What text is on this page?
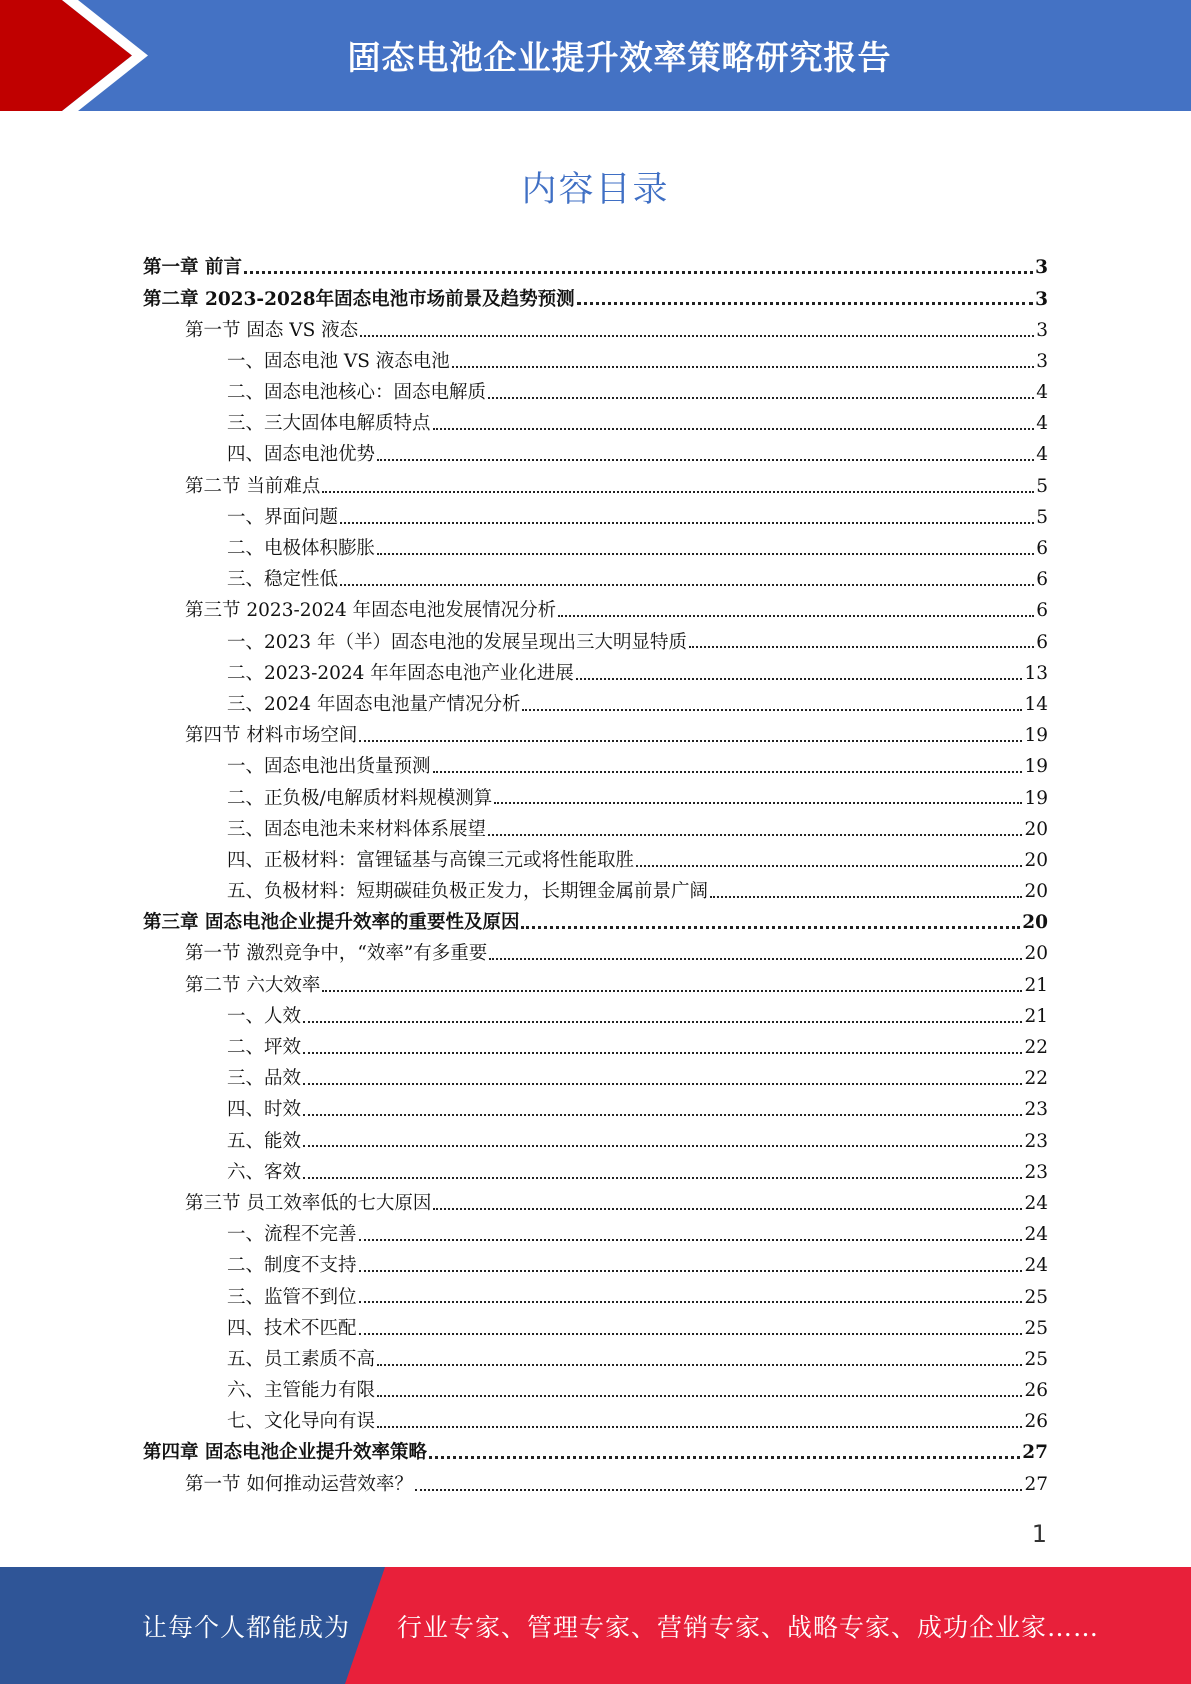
固态电池企业提升效率策略研究报告
内容目录
第一章 前言	3
第二章 2023-2028年固态电池市场前景及趋势预测	3
第一节 固态 VS 液态	3
一、固态电池 VS 液态电池	3
二、固态电池核心：固态电解质	4
三、三大固体电解质特点	4
四、固态电池优势	4
第二节 当前难点	5
一、界面问题	5
二、电极体积膨胀	6
三、稳定性低	6
第三节 2023-2024 年固态电池发展情况分析	6
一、2023 年（半）固态电池的发展呈现出三大明显特质	6
二、2023-2024 年年固态电池产业化进展	13
三、2024 年固态电池量产情况分析	14
第四节 材料市场空间	19
一、固态电池出货量预测	19
二、正负极/电解质材料规模测算	19
三、固态电池未来材料体系展望	20
四、正极材料：富锂锰基与高镍三元或将性能取胜	20
五、负极材料：短期碳硅负极正发力，长期锂金属前景广阔	20
第三章 固态电池企业提升效率的重要性及原因	20
第一节 激烈竞争中，“效率”有多重要	20
第二节 六大效率	21
一、人效	21
二、坪效	22
三、品效	22
四、时效	23
五、能效	23
六、客效	23
第三节 员工效率低的七大原因	24
一、流程不完善	24
二、制度不支持	24
三、监管不到位	25
四、技术不匹配	25
五、员工素质不高	25
六、主管能力有限	26
七、文化导向有误	26
第四章 固态电池企业提升效率策略	27
第一节 如何推动运营效率？	27
1
让每个人都能成为 行业专家、管理专家、营销专家、战略专家、成功企业家……
